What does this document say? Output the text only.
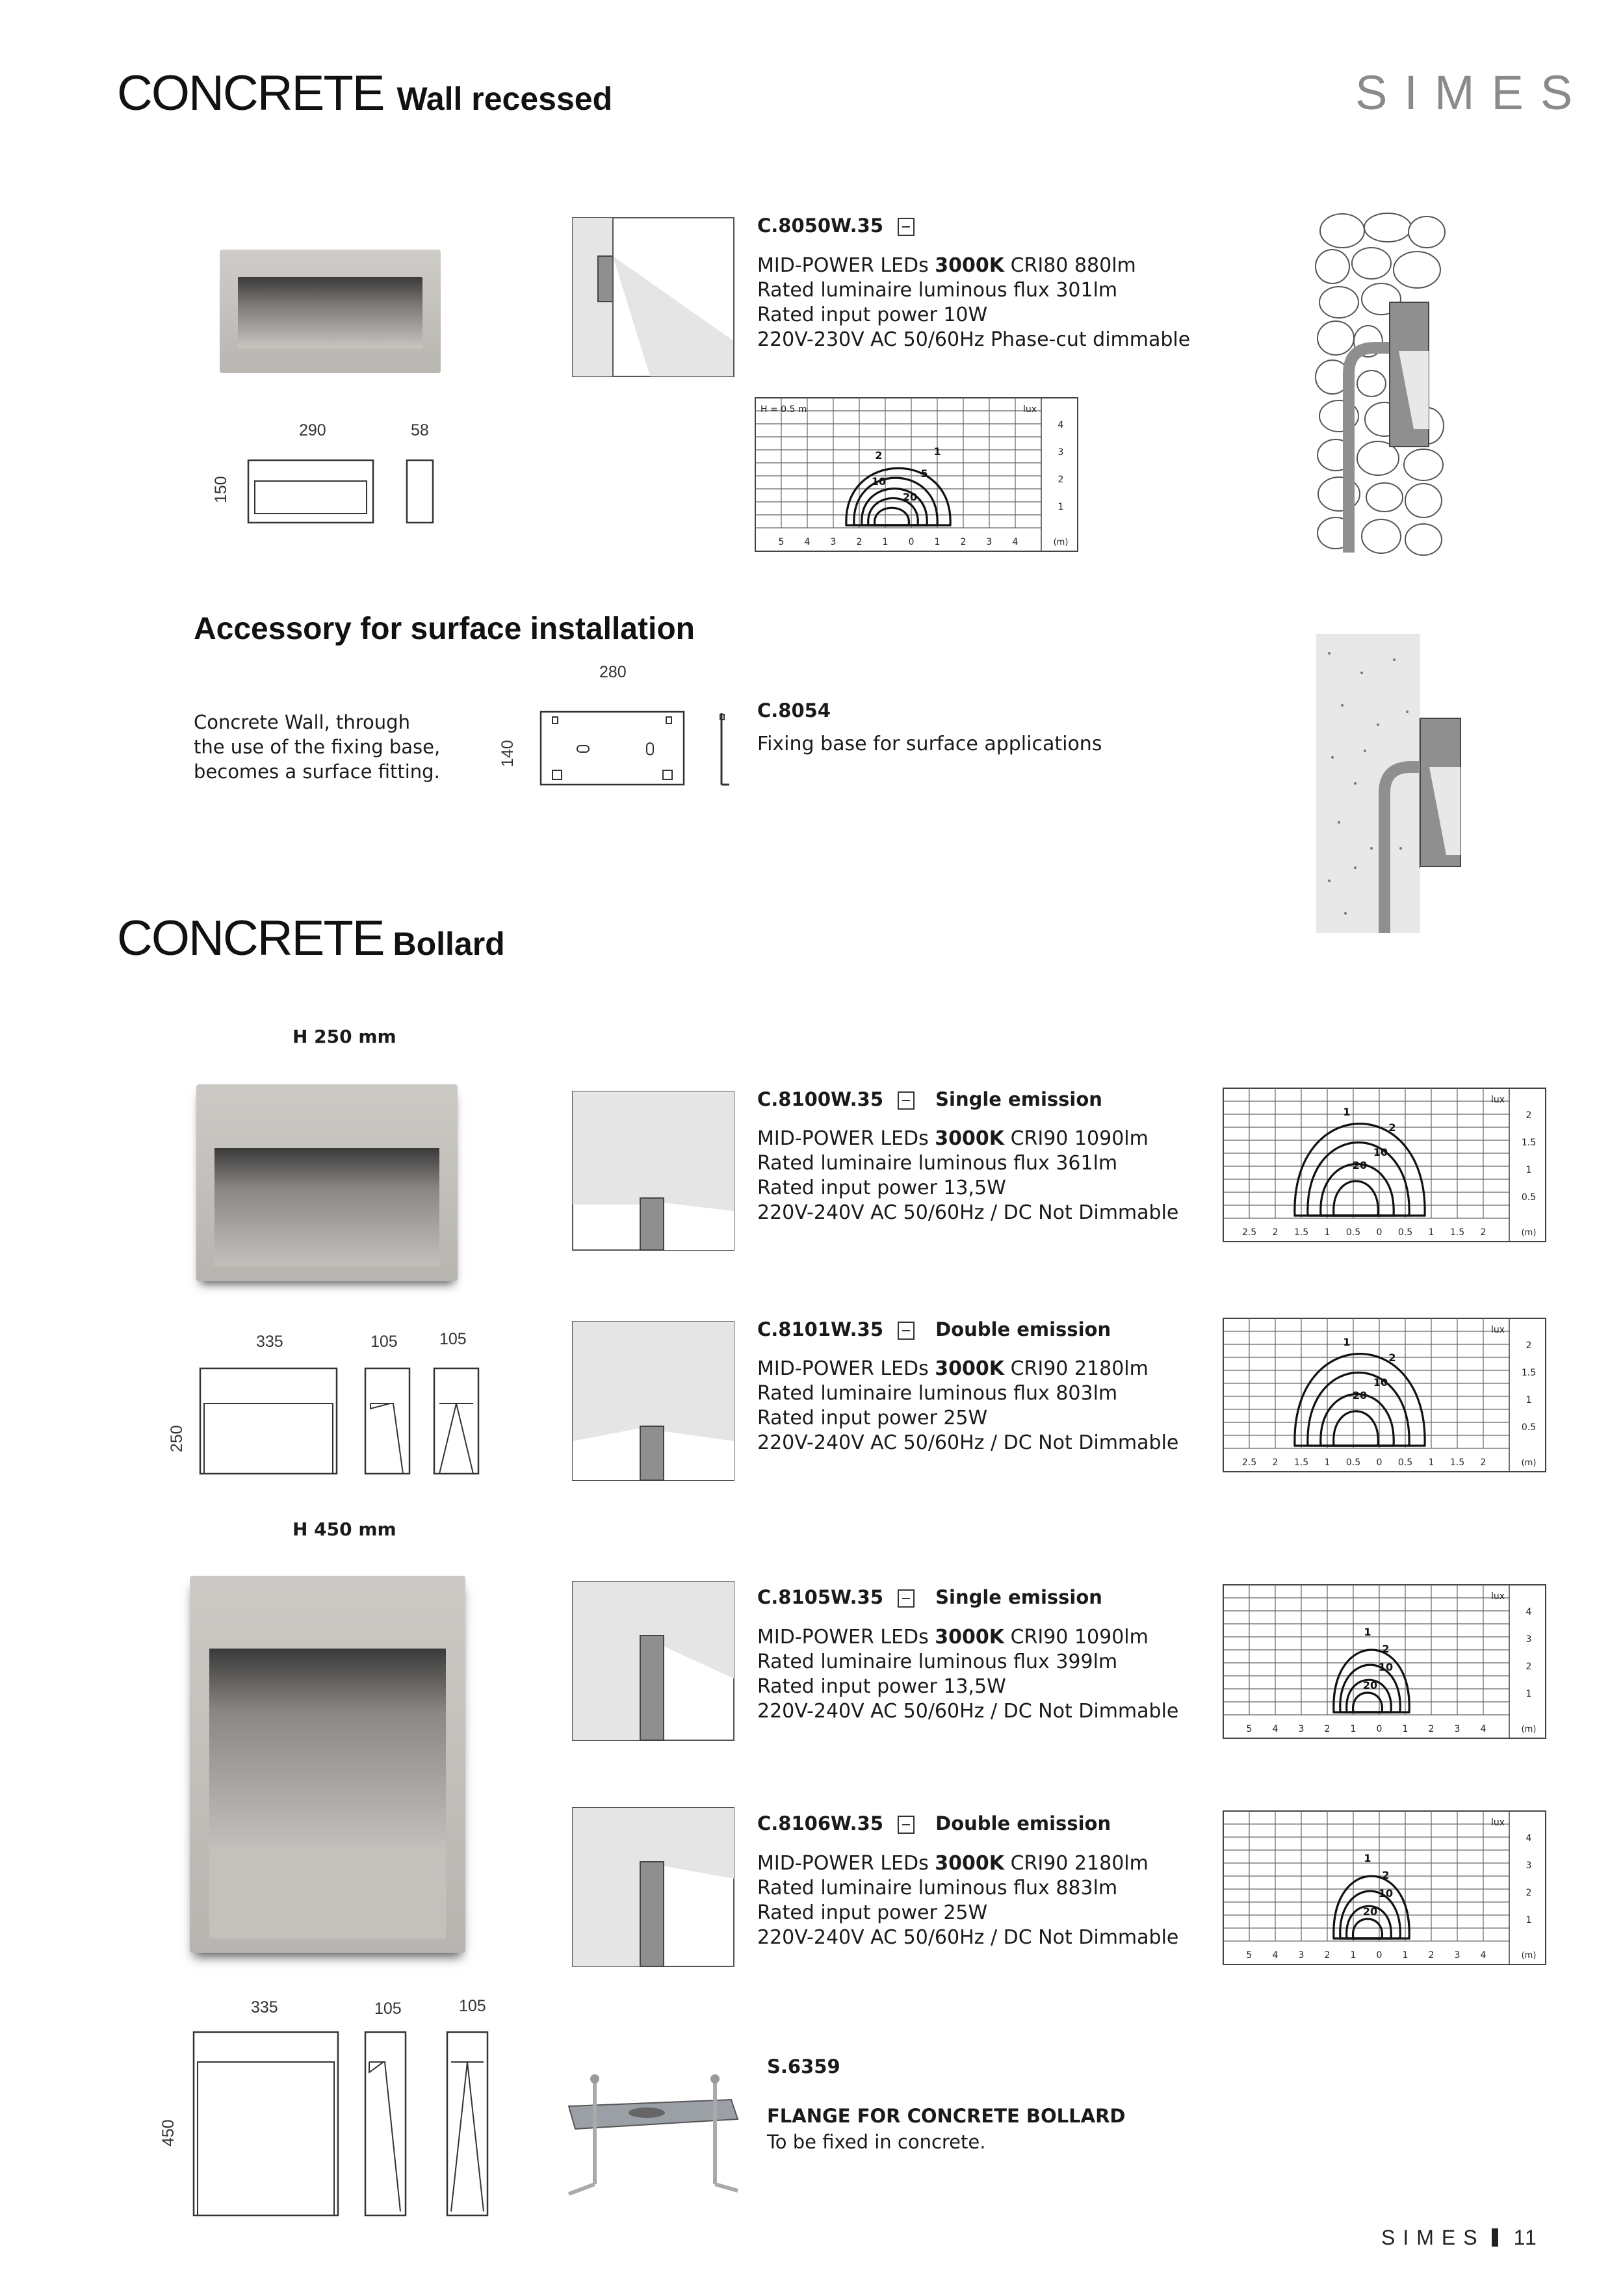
CONCRETE Wall recessed	SIMES
C.8050W.35
MID-POWER LEDs 3000K CRI80 880lm
Rated luminaire luminous flux 301lm
Rated input power 10W
220V-230V AC 50/60Hz Phase-cut dimmable
290	58
150
5 4 3 2 1 0 1 2 3 4	(m)
lux
4
3
2
1
H = 0.5 m
1
2
5
10
20
Accessory for surface installation
Concrete Wall, through
the use of the fixing base,
becomes a surface fitting.
280
140
C.8054
Fixing base for surface applications
CONCRETE Bollard
H 250 mm
335	105	105
250
C.8100W.35	Single emission
MID-POWER LEDs 3000K CRI90 1090lm
Rated luminaire luminous flux 361lm
Rated input power 13,5W
220V-240V AC 50/60Hz / DC Not Dimmable
2.5 2 1.5 1 0.5 0 0.5 1 1.5 2	(m)
lux
2
1.5
1
0.5
1
2
10
20
C.8101W.35	Double emission
MID-POWER LEDs 3000K CRI90 2180lm
Rated luminaire luminous flux 803lm
Rated input power 25W
220V-240V AC 50/60Hz / DC Not Dimmable
2.5 2 1.5 1 0.5 0 0.5 1 1.5 2	(m)
lux
2
1.5
1
0.5
1
2
10
20
H 450 mm
335	105	105
450
C.8105W.35	Single emission
MID-POWER LEDs 3000K CRI90 1090lm
Rated luminaire luminous flux 399lm
Rated input power 13,5W
220V-240V AC 50/60Hz / DC Not Dimmable
5 4 3 2 1 0 1 2 3 4	(m)
lux
4
3
2
1
1
2
10
20
C.8106W.35	Double emission
MID-POWER LEDs 3000K CRI90 2180lm
Rated luminaire luminous flux 883lm
Rated input power 25W
220V-240V AC 50/60Hz / DC Not Dimmable
5 4 3 2 1 0 1 2 3 4	(m)
lux
4
3
2
1
1
2
10
20
S.6359
FLANGE FOR CONCRETE BOLLARD
To be fixed in concrete.
SIMES 11
